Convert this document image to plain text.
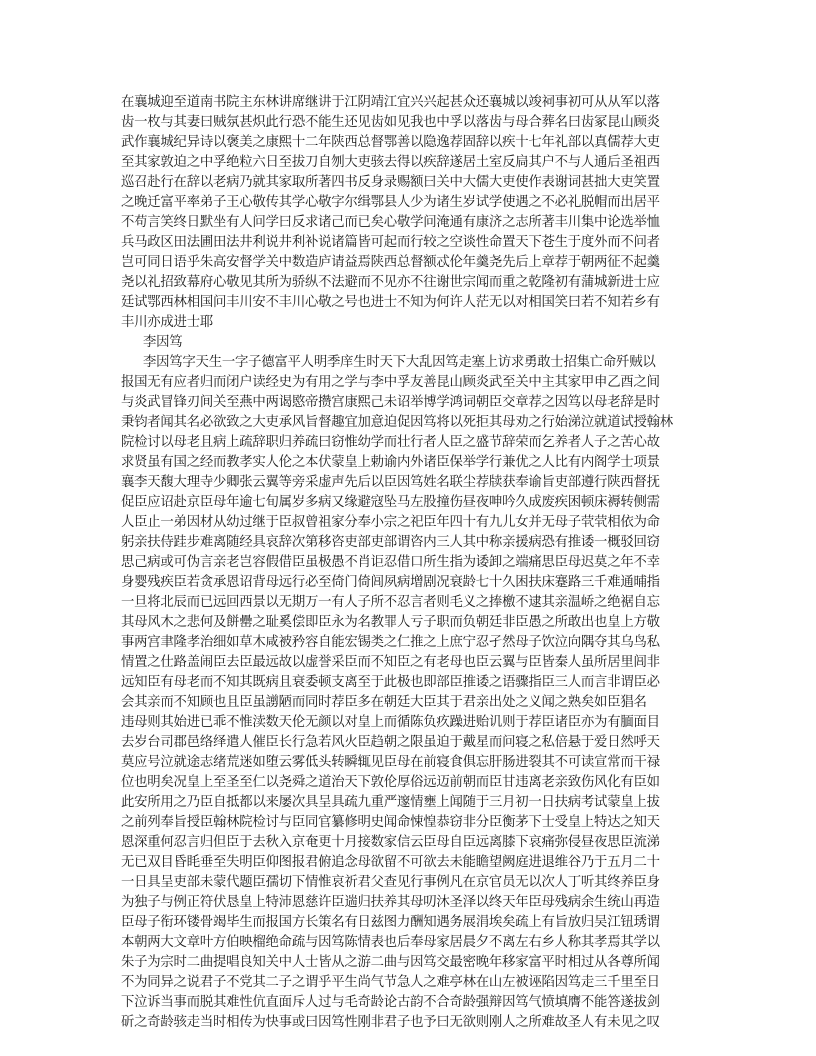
在襄城迎至道南书院主东林讲席继讲于江阴靖江宜兴兴起甚众还襄城以竣祠事初可从从军以落
齿一枚与其妻曰贼氛甚炽此行恐不能生还见齿如见我也中孚以落齿与母合葬名曰齿冢昆山顾炎
武作襄城纪异诗以褒美之康熙十二年陕西总督鄂善以隐逸荐固辞以疾十七年礼部以真儒荐大吏
至其家敦迫之中孚绝粒六日至拔刀自刎大吏骇去得以疾辞遂居土室反扃其户不与人通后圣祖西
巡召赴行在辞以老病乃就其家取所著四书反身录赐额曰关中大儒大吏使作表谢词甚拙大吏笑置
之晚迁富平率弟子王心敬传其学心敬字尔缉鄂县人少为诸生岁试学使遇之不必礼脱帽而出居平
不苟言笑终日默坐有人问学曰反求诸己而已矣心敬学问淹通有康济之志所著丰川集中论选举恤
兵马政区田法圃田法井利说井利补说诸篇皆可起而行较之空谈性命置天下苍生于度外而不问者
岂可同日语乎朱高安督学关中数造庐请益焉陕西总督额忒伦年羹尧先后上章荐于朝两征不起羹
尧以礼招致幕府心敬见其所为骄纵不法避而不见亦不往谢世宗闻而重之乾隆初有蒲城新进士应
廷试鄂西林相国问丰川安不丰川心敬之号也进士不知为何许人茫无以对相国笑曰若不知若乡有
丰川亦成进士耶
李因笃
李因笃字天生一字子德富平人明季庠生时天下大乱因笃走塞上访求勇敢士招集亡命歼贼以
报国无有应者归而闭户读经史为有用之学与李中孚友善昆山顾炎武至关中主其家甲申乙酉之间
与炎武冒锋刃间关至燕中两谒愍帝攒宫康熙己未诏举博学鸿词朝臣交章荐之因笃以母老辞是时
秉钧者闻其名必欲致之大吏承风旨督趣宜加意迫促因笃将以死拒其母劝之行始涕泣就道试授翰林
院检讨以母老且病上疏辞职归养疏曰窃惟幼学而壮行者人臣之盛节辞荣而乞养者人子之苦心故
求贤虽有国之经而教孝实人伦之本伏蒙皇上勅谕内外诸臣保举学行兼优之人比有内阁学士项景
襄李天馥大理寺少卿张云翼等旁采虚声先后以臣因笃姓名联尘荐牍获奉谕旨吏部遵行陕西督抚
促臣应诏赴京臣母年逾七旬属岁多病又缘避寇坠马左股撞伤昼夜呻吟久成废疾困顿床褥转侧需
人臣止一弟因材从幼过继于臣叔曾祖家分奉小宗之祀臣年四十有九儿女并无母子茕茕相依为命
躬亲扶侍跬步难离随经具哀辞次第移咨吏部吏部谓咨内三人其中称亲援病恐有推诿一概驳回窃
思己病或可伪言亲老岂容假借臣虽极愚不肖讵忍借口所生指为诿卸之端痛思臣母迟莫之年不幸
身婴残疾臣若贪承恩诏背母远行必至倚门倚闾夙病增剧况衰龄七十久困扶床蹇路三千难通晡指
一旦将北辰而已远回西景以无期万一有人子所不忍言者则毛义之捧檄不逮其亲温峤之绝裾自忘
其母风木之悲何及餅罍之耻奚偿即臣永为名教罪人亏子职而负朝廷非臣愚之所敢出也皇上方敬
事两宫聿隆孝治细如草木咸被矜容自能宏锡类之仁推之上庶宁忍孑然母子饮泣向隅夺其乌鸟私
情置之仕路盖闹臣去臣最远故以虚誉采臣而不知臣之有老母也臣云翼与臣皆秦人虽所居里闾非
远知臣有母老而不知其既病且衰委顿支离至于此极也即部臣推诿之语骤指臣三人而言非谓臣必
会其亲而不知顾也且臣虽謭陋而同时荐臣多在朝廷大臣其于君亲出处之义闻之熟矣如臣猖名
违母则其始进已乖不惟渎数天伦无颜以对皇上而循陈负疚躁进贻讥则于荐臣诸臣亦为有腼面目
去岁台司郡邑络绎遣人催臣长行急若风火臣趋朝之限虽迫于戴星而问寝之私倍悬于爱日然呼天
莫应号泣就途志绪荒迷如堕云雾低头转瞬辄见臣母在前寝食俱忘肝肠进裂其不可读宣常而干禄
位也明矣况皇上至圣至仁以尧舜之道治天下敦伦厚俗远迈前朝而臣甘违离老亲致伤风化有臣如
此安所用之乃臣自抵都以来屡次具呈具疏九重严邃情壅上闻随于三月初一日扶病考试蒙皇上拔
之前列奉旨授臣翰林院检讨与臣同官纂修明史闻命悚惶恭窃非分臣衡茅下士受皇上特达之知天
恩深重何忍言归但臣于去秋入京奄更十月接数家信云臣母自臣远离膝下哀痛弥侵昼夜思臣流涕
无已双目昏眊垂至失明臣仰图报君俯追念母欲留不可欲去未能瞻望阙庭进退维谷乃于五月二十
一日具呈吏部未蒙代题臣孺切下情惟哀祈君父查见行事例凡在京官员无以次人丁听其终养臣身
为独子与例正符伏恳皇上特沛恩慈许臣遄归扶养其母叨沐圣泽以终天年臣母残病余生统山再造
臣母子衔环镂骨竭毕生而报国方长策名有日兹图力酬知遇务展涓埃矣疏上有旨放归吴江钮琇谓
本朝两大文章叶方伯映榴绝命疏与因笃陈情表也后奉母家居晨夕不离左右乡人称其孝焉其学以
朱子为宗时二曲提唱良知关中人士皆从之游二曲与因笃交最密晚年移家富平时相过从各尊所闻
不为同异之说君子不党其二子之谓乎平生尚气节急人之难亭林在山左被诬陷因笃走三千里至日
下泣诉当事而脱其难性伉直面斥人过与毛奇龄论古韵不合奇龄强辩因笃气愤填膺不能答遂拔剑
斫之奇龄骇走当时相传为快事或曰因笃性刚非君子也予曰无欲则刚人之所难故圣人有未见之叹
